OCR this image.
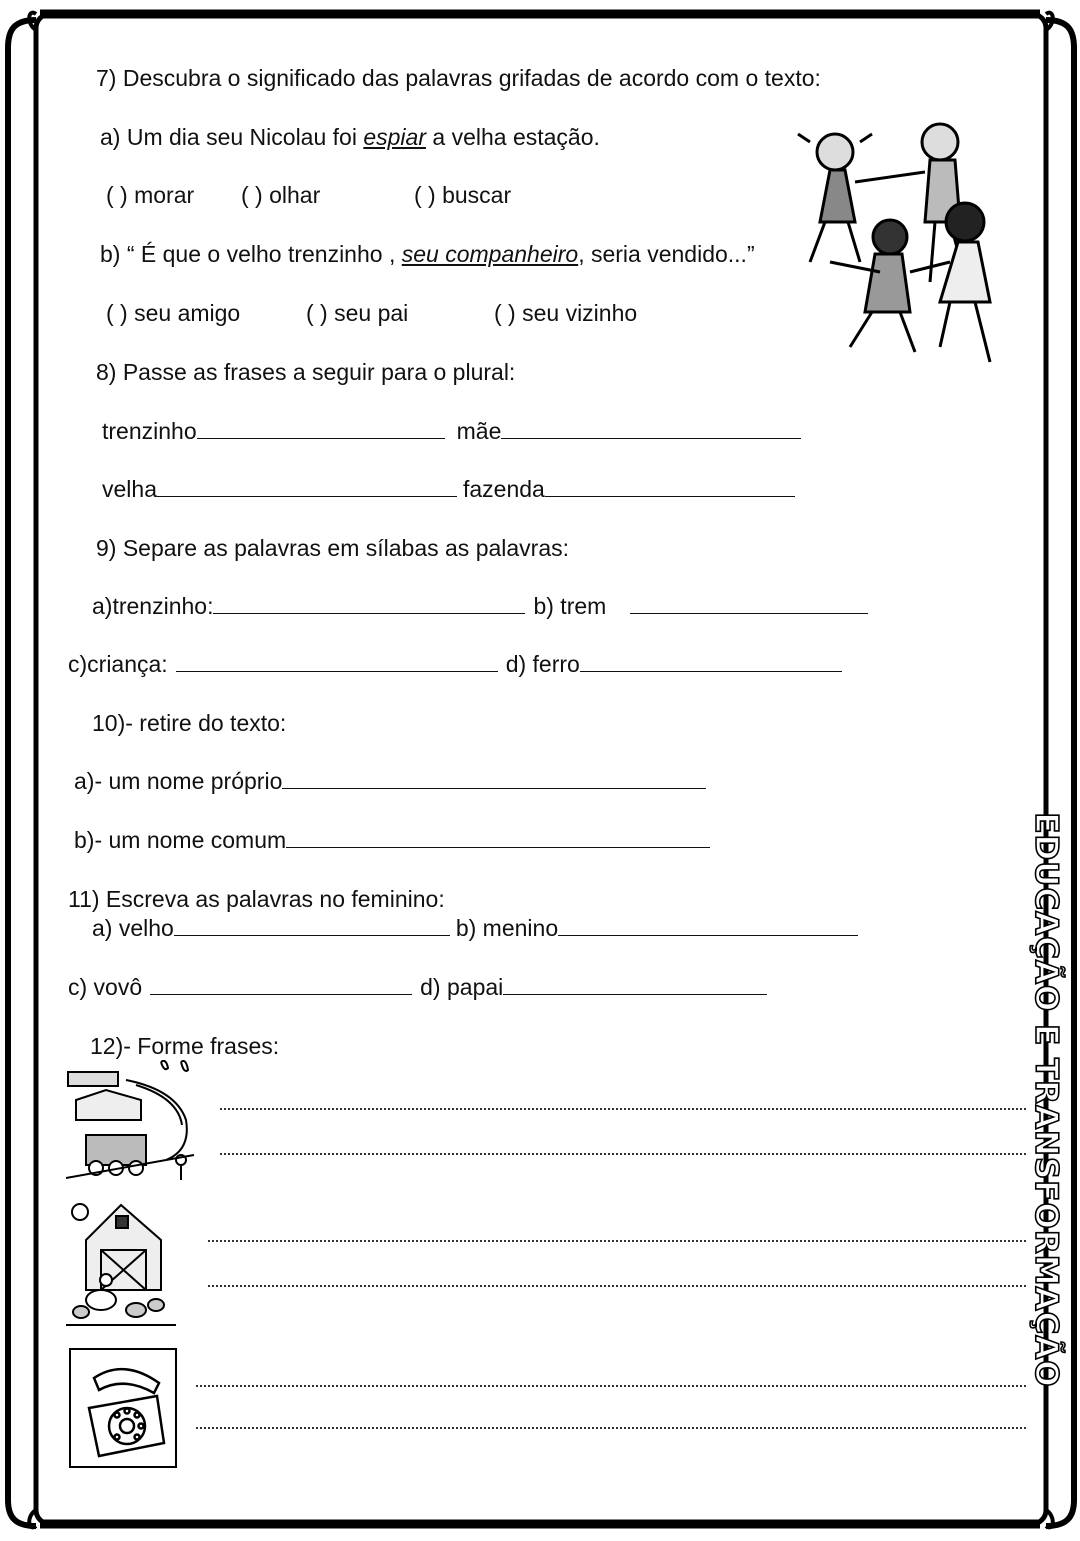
7) Descubra o significado das palavras grifadas de acordo com o texto:
a) Um dia seu Nicolau foi espiar a velha estação.
( ) morar ( ) olhar	( ) buscar
b) “ É que o velho trenzinho , seu companheiro, seria vendido...”
( ) seu amigo	( ) seu pai	( ) seu vizinho
8) Passe as frases a seguir para o plural:
trenzinho	mãe
velha	fazenda
9) Separe as palavras em sílabas as palavras:
a)trenzinho:	b) trem
c)criança:	d) ferro
10)- retire do texto:
a)- um nome próprio
b)- um nome comum
11) Escreva as palavras no feminino:
a) velho	b) menino
c) vovô	d) papai
12)- Forme frases:	EDUCAÇÃO E TRANSFORMAÇÃO
